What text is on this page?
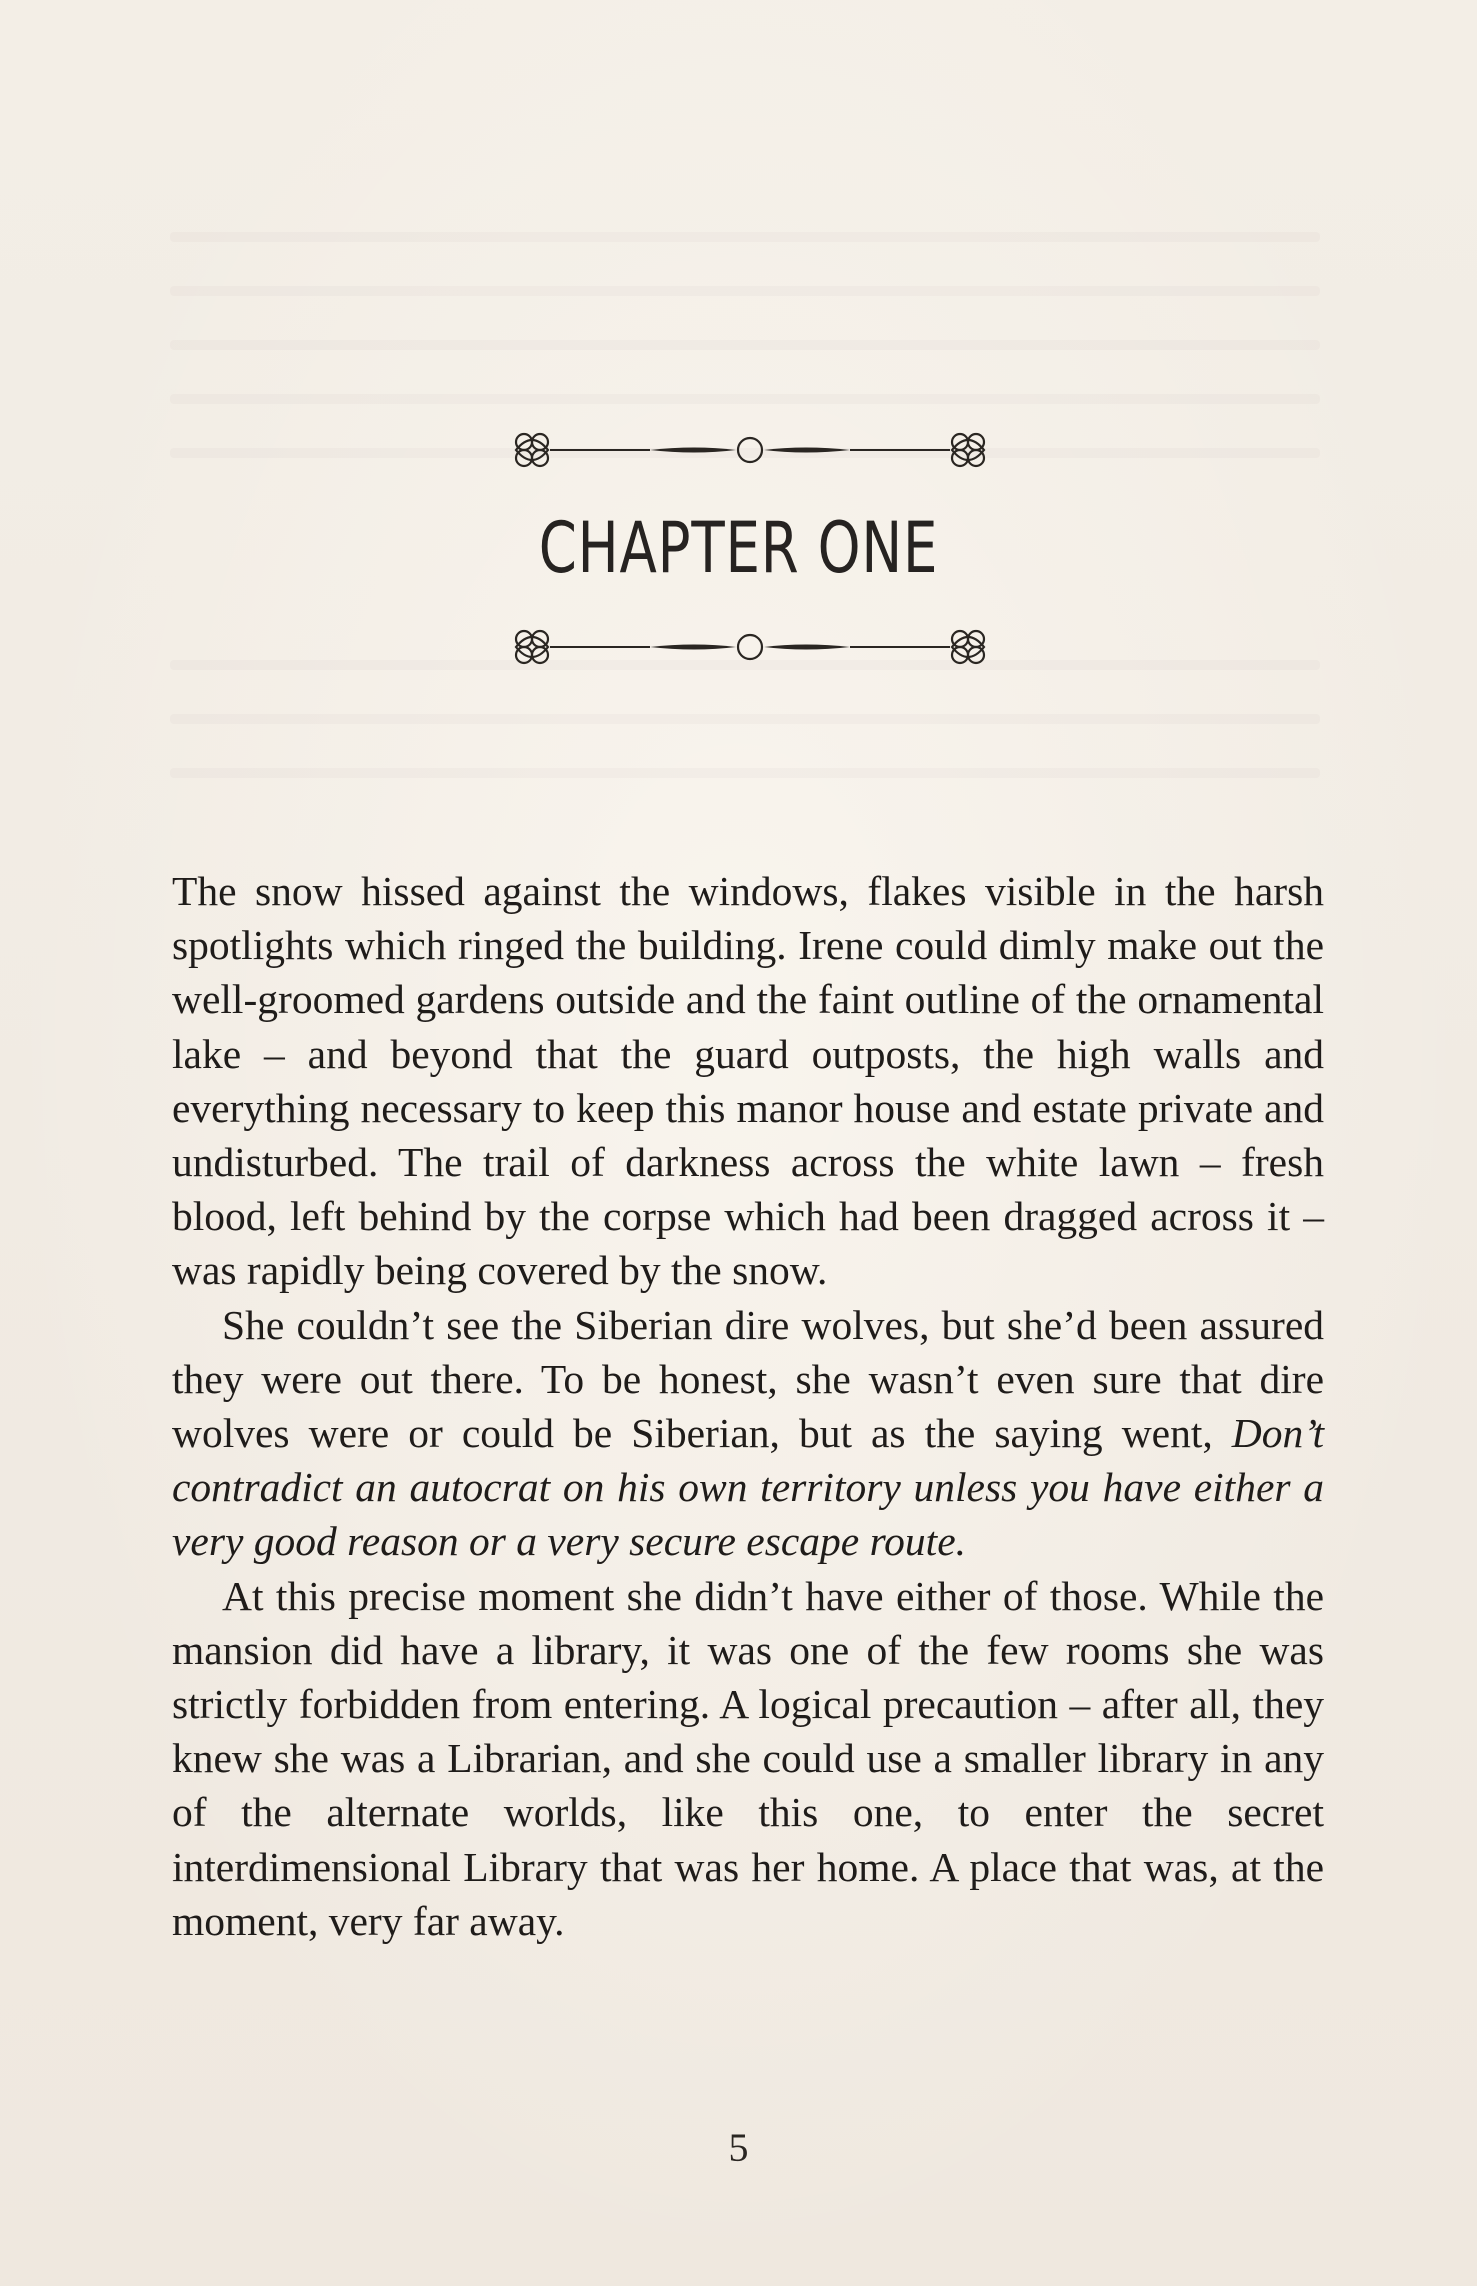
CHAPTER ONE

The snow hissed against the windows, flakes visible in the harsh spotlights which ringed the building. Irene could dimly make out the well-groomed gardens outside and the faint outline of the ornamental lake – and beyond that the guard outposts, the high walls and everything necessary to keep this manor house and estate private and undisturbed. The trail of darkness across the white lawn – fresh blood, left behind by the corpse which had been dragged across it – was rapidly being covered by the snow.

She couldn’t see the Siberian dire wolves, but she’d been assured they were out there. To be honest, she wasn’t even sure that dire wolves were or could be Siberian, but as the saying went, Don’t contradict an autocrat on his own territory unless you have either a very good reason or a very secure escape route.

At this precise moment she didn’t have either of those. While the mansion did have a library, it was one of the few rooms she was strictly forbidden from entering. A logical precaution – after all, they knew she was a Librarian, and she could use a smaller library in any of the alternate worlds, like this one, to enter the secret interdimensional Library that was her home. A place that was, at the moment, very far away.

5
